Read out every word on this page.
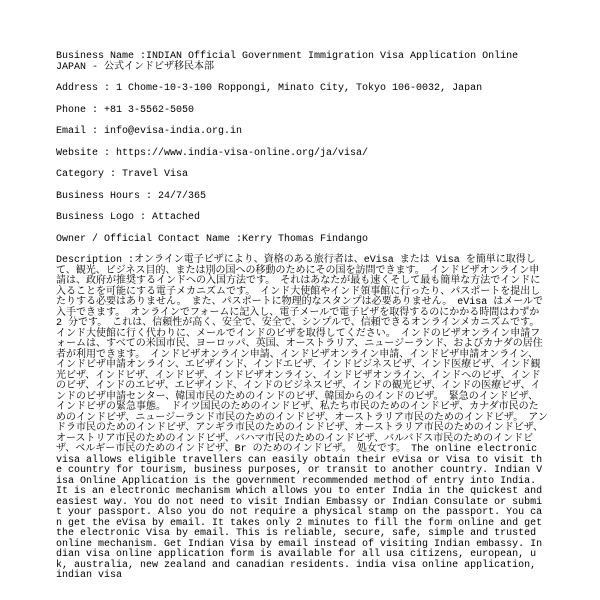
Business Name :INDIAN Official Government Immigration Visa Application Online JAPAN - 公式インドビザ移民本部
Address : 1 Chome-10-3-100 Roppongi, Minato City, Tokyo 106-0032, Japan
Phone : +81 3-5562-5050
Email : info@evisa-india.org.in
Website : https://www.india-visa-online.org/ja/visa/
Category : Travel Visa
Business Hours : 24/7/365
Business Logo : Attached
Owner / Official Contact Name :Kerry Thomas Findango
Description :オンライン電子ビザにより、資格のある旅行者は、eVisa または Visa を簡単に取得して、観光、ビジネス目的、または別の国への移動のためにその国を訪問できます。　インドビザオンライン申請は、政府が推奨するインドへの入国方法です。　それはあなたが最も速くそして最も簡単な方法でインドに入ることを可能にする電子メカニズムです。　インド大使館やインド領事館に行ったり、パスポートを提出したりする必要はありません。　また、パスポートに物理的なスタンプは必要ありません。　eVisa はメールで入手できます。　オンラインでフォームに記入し、電子メールで電子ビザを取得するのにかかる時間はわずか 2 分です。　これは、信頼性が高く、安全で、安全で、シンプルで、信頼できるオンラインメカニズムです。　インド大使館に行く代わりに、メールでインドのビザを取得してください。　インドのビザオンライン申請フォームは、すべての米国市民、ヨーロッパ、英国、オーストラリア、ニュージーランド、およびカナダの居住者が利用できます。　インドビザオンライン申請、インドビザオンライン申請、インドビザ申請オンライン、インドビザ申請オンライン、エビザインド、インドエビザ、インドビジネスビザ、インド医療ビザ、インド観光ビザ、インドビザ、インドビザ、インドビザオンライン、インドビザオンライン、インドへのビザ、インドのビザ、インドのエビザ、エビザインド、インドのビジネスビザ、インドの観光ビザ、インドの医療ビザ、インドのビザ申請センター、韓国市民のためのインドのビザ、韓国からのインドのビザ。　緊急のインドビザ、インドビザの緊急事態。　ドイツ国民のためのインドビザ、私たち市民のためのインドビザ、カナダ市民のためのインドビザ、ニュージーランド市民のためのインドビザ、オーストラリア市民のためのインドビザ。　アンドラ市民のためのインドビザ、アンギラ市民のためのインドビザ、オーストラリア市民のためのインドビザ、オーストリア市民のためのインドビザ、バハマ市民のためのインドビザ、バルバドス市民のためのインドビザ、ベルギー市民のためのインドビザ、Br のためのインドビザ。　処女です。　The online electronic visa allows eligible travellers can easily obtain their eVisa or Visa to visit the country for tourism, business purposes, or transit to another country. Indian Visa Online Application is the government recommended method of entry into India. It is an electronic mechanism which allows you to enter India in the quickest and easiest way. You do not need to visit Indian Embassy or Indian Consulate or submit your passport. Also you do not require a physical stamp on the passport. You can get the eVisa by email. It takes only 2 minutes to fill the form online and get the electronic Visa by email. This is reliable, secure, safe, simple and trusted online mechanism. Get Indian Visa by email instead of visiting Indian embassy. Indian visa online application form is available for all usa citizens, european, uk, australia, new zealand and canadian residents. india visa online application, indian visa
